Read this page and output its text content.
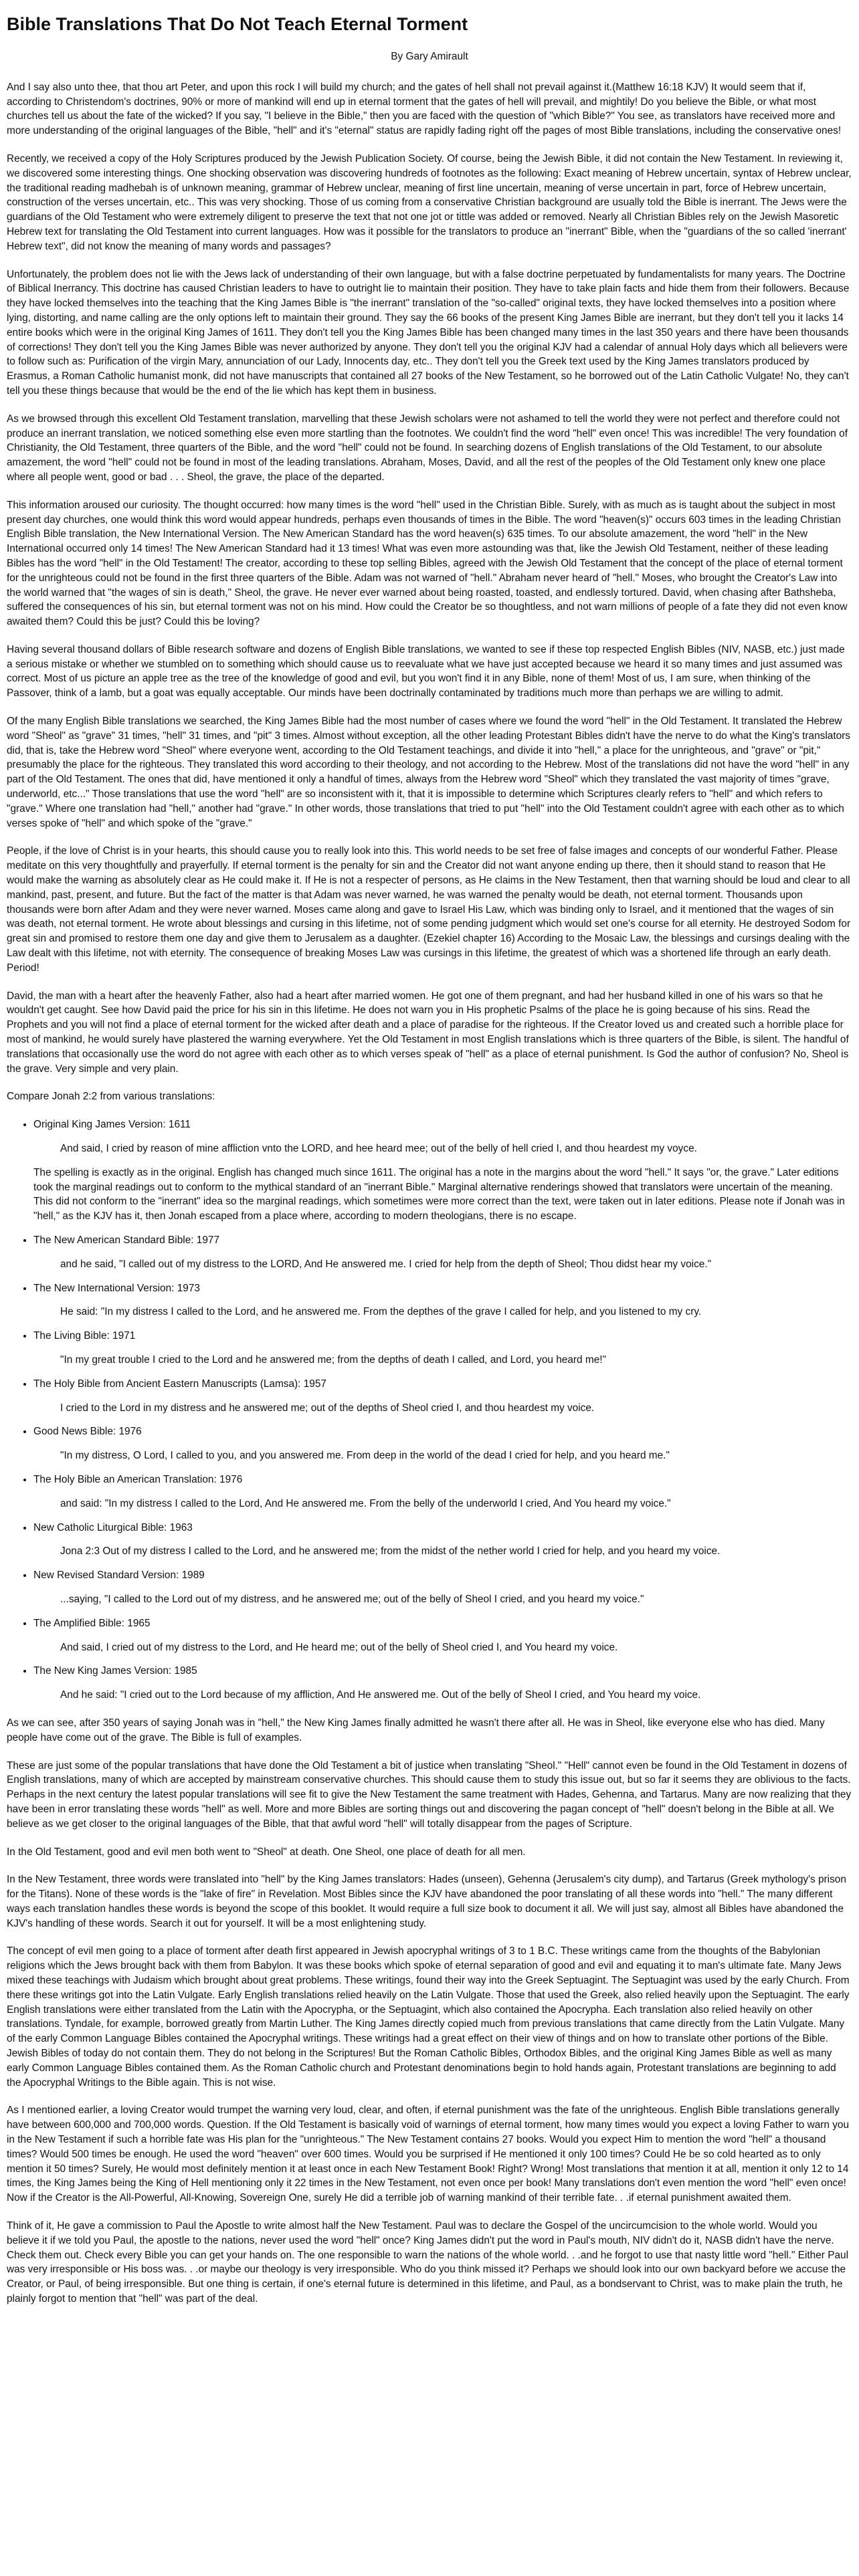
Bible Translations That Do Not Teach Eternal Torment
By Gary Amirault

And I say also unto thee, that thou art Peter, and upon this rock I will build my church; and the gates of hell shall not prevail against it.(Matthew 16:18 KJV) It would seem that if, according to Christendom's doctrines, 90% or more of mankind will end up in eternal torment that the gates of hell will prevail, and mightily! Do you believe the Bible, or what most churches tell us about the fate of the wicked? If you say, "I believe in the Bible," then you are faced with the question of "which Bible?" You see, as translators have received more and more understanding of the original languages of the Bible, "hell" and it's "eternal" status are rapidly fading right off the pages of most Bible translations, including the conservative ones!

Recently, we received a copy of the Holy Scriptures produced by the Jewish Publication Society. Of course, being the Jewish Bible, it did not contain the New Testament. In reviewing it, we discovered some interesting things. One shocking observation was discovering hundreds of footnotes as the following: Exact meaning of Hebrew uncertain, syntax of Hebrew unclear, the traditional reading madhebah is of unknown meaning, grammar of Hebrew unclear, meaning of first line uncertain, meaning of verse uncertain in part, force of Hebrew uncertain, construction of the verses uncertain, etc.. This was very shocking. Those of us coming from a conservative Christian background are usually told the Bible is inerrant. The Jews were the guardians of the Old Testament who were extremely diligent to preserve the text that not one jot or tittle was added or removed. Nearly all Christian Bibles rely on the Jewish Masoretic Hebrew text for translating the Old Testament into current languages. How was it possible for the translators to produce an "inerrant" Bible, when the "guardians of the so called 'inerrant' Hebrew text", did not know the meaning of many words and passages?

Unfortunately, the problem does not lie with the Jews lack of understanding of their own language, but with a false doctrine perpetuated by fundamentalists for many years. The Doctrine of Biblical Inerrancy. This doctrine has caused Christian leaders to have to outright lie to maintain their position. They have to take plain facts and hide them from their followers. Because they have locked themselves into the teaching that the King James Bible is "the inerrant" translation of the "so-called" original texts, they have locked themselves into a position where lying, distorting, and name calling are the only options left to maintain their ground. They say the 66 books of the present King James Bible are inerrant, but they don't tell you it lacks 14 entire books which were in the original King James of 1611. They don't tell you the King James Bible has been changed many times in the last 350 years and there have been thousands of corrections! They don't tell you the King James Bible was never authorized by anyone. They don't tell you the original KJV had a calendar of annual Holy days which all believers were to follow such as: Purification of the virgin Mary, annunciation of our Lady, Innocents day, etc.. They don't tell you the Greek text used by the King James translators produced by Erasmus, a Roman Catholic humanist monk, did not have manuscripts that contained all 27 books of the New Testament, so he borrowed out of the Latin Catholic Vulgate! No, they can't tell you these things because that would be the end of the lie which has kept them in business.

As we browsed through this excellent Old Testament translation, marvelling that these Jewish scholars were not ashamed to tell the world they were not perfect and therefore could not produce an inerrant translation, we noticed something else even more startling than the footnotes. We couldn't find the word "hell" even once! This was incredible! The very foundation of Christianity, the Old Testament, three quarters of the Bible, and the word "hell" could not be found. In searching dozens of English translations of the Old Testament, to our absolute amazement, the word "hell" could not be found in most of the leading translations. Abraham, Moses, David, and all the rest of the peoples of the Old Testament only knew one place where all people went, good or bad . . . Sheol, the grave, the place of the departed.

This information aroused our curiosity. The thought occurred: how many times is the word "hell" used in the Christian Bible. Surely, with as much as is taught about the subject in most present day churches, one would think this word would appear hundreds, perhaps even thousands of times in the Bible. The word "heaven(s)" occurs 603 times in the leading Christian English Bible translation, the New International Version. The New American Standard has the word heaven(s) 635 times. To our absolute amazement, the word "hell" in the New International occurred only 14 times! The New American Standard had it 13 times! What was even more astounding was that, like the Jewish Old Testament, neither of these leading Bibles has the word "hell" in the Old Testament! The creator, according to these top selling Bibles, agreed with the Jewish Old Testament that the concept of the place of eternal torment for the unrighteous could not be found in the first three quarters of the Bible. Adam was not warned of "hell." Abraham never heard of "hell." Moses, who brought the Creator's Law into the world warned that "the wages of sin is death," Sheol, the grave. He never ever warned about being roasted, toasted, and endlessly tortured. David, when chasing after Bathsheba, suffered the consequences of his sin, but eternal torment was not on his mind. How could the Creator be so thoughtless, and not warn millions of people of a fate they did not even know awaited them? Could this be just? Could this be loving?

Having several thousand dollars of Bible research software and dozens of English Bible translations, we wanted to see if these top respected English Bibles (NIV, NASB, etc.) just made a serious mistake or whether we stumbled on to something which should cause us to reevaluate what we have just accepted because we heard it so many times and just assumed was correct. Most of us picture an apple tree as the tree of the knowledge of good and evil, but you won't find it in any Bible, none of them! Most of us, I am sure, when thinking of the Passover, think of a lamb, but a goat was equally acceptable. Our minds have been doctrinally contaminated by traditions much more than perhaps we are willing to admit.

Of the many English Bible translations we searched, the King James Bible had the most number of cases where we found the word "hell" in the Old Testament. It translated the Hebrew word "Sheol" as "grave" 31 times, "hell" 31 times, and "pit" 3 times. Almost without exception, all the other leading Protestant Bibles didn't have the nerve to do what the King's translators did, that is, take the Hebrew word "Sheol" where everyone went, according to the Old Testament teachings, and divide it into "hell," a place for the unrighteous, and "grave" or "pit," presumably the place for the righteous. They translated this word according to their theology, and not according to the Hebrew. Most of the translations did not have the word "hell" in any part of the Old Testament. The ones that did, have mentioned it only a handful of times, always from the Hebrew word "Sheol" which they translated the vast majority of times "grave, underworld, etc..." Those translations that use the word "hell" are so inconsistent with it, that it is impossible to determine which Scriptures clearly refers to "hell" and which refers to "grave." Where one translation had "hell," another had "grave." In other words, those translations that tried to put "hell" into the Old Testament couldn't agree with each other as to which verses spoke of "hell" and which spoke of the "grave."

People, if the love of Christ is in your hearts, this should cause you to really look into this. This world needs to be set free of false images and concepts of our wonderful Father. Please meditate on this very thoughtfully and prayerfully. If eternal torment is the penalty for sin and the Creator did not want anyone ending up there, then it should stand to reason that He would make the warning as absolutely clear as He could make it. If He is not a respecter of persons, as He claims in the New Testament, then that warning should be loud and clear to all mankind, past, present, and future. But the fact of the matter is that Adam was never warned, he was warned the penalty would be death, not eternal torment. Thousands upon thousands were born after Adam and they were never warned. Moses came along and gave to Israel His Law, which was binding only to Israel, and it mentioned that the wages of sin was death, not eternal torment. He wrote about blessings and cursing in this lifetime, not of some pending judgment which would set one's course for all eternity. He destroyed Sodom for great sin and promised to restore them one day and give them to Jerusalem as a daughter. (Ezekiel chapter 16) According to the Mosaic Law, the blessings and cursings dealing with the Law dealt with this lifetime, not with eternity. The consequence of breaking Moses Law was cursings in this lifetime, the greatest of which was a shortened life through an early death. Period!

David, the man with a heart after the heavenly Father, also had a heart after married women. He got one of them pregnant, and had her husband killed in one of his wars so that he wouldn't get caught. See how David paid the price for his sin in this lifetime. He does not warn you in His prophetic Psalms of the place he is going because of his sins. Read the Prophets and you will not find a place of eternal torment for the wicked after death and a place of paradise for the righteous. If the Creator loved us and created such a horrible place for most of mankind, he would surely have plastered the warning everywhere. Yet the Old Testament in most English translations which is three quarters of the Bible, is silent. The handful of translations that occasionally use the word do not agree with each other as to which verses speak of "hell" as a place of eternal punishment. Is God the author of confusion? No, Sheol is the grave. Very simple and very plain.

Compare Jonah 2:2 from various translations:

• Original King James Version: 1611
And said, I cried by reason of mine affliction vnto the LORD, and hee heard mee; out of the belly of hell cried I, and thou heardest my voyce.
The spelling is exactly as in the original. English has changed much since 1611. The original has a note in the margins about the word "hell." It says "or, the grave." Later editions took the marginal readings out to conform to the mythical standard of an "inerrant Bible." Marginal alternative renderings showed that translators were uncertain of the meaning. This did not conform to the "inerrant" idea so the marginal readings, which sometimes were more correct than the text, were taken out in later editions. Please note if Jonah was in "hell," as the KJV has it, then Jonah escaped from a place where, according to modern theologians, there is no escape.
• The New American Standard Bible: 1977
and he said, "I called out of my distress to the LORD, And He answered me. I cried for help from the depth of Sheol; Thou didst hear my voice."
• The New International Version: 1973
He said: "In my distress I called to the Lord, and he answered me. From the depthes of the grave I called for help, and you listened to my cry.
• The Living Bible: 1971
"In my great trouble I cried to the Lord and he answered me; from the depths of death I called, and Lord, you heard me!"
• The Holy Bible from Ancient Eastern Manuscripts (Lamsa): 1957
I cried to the Lord in my distress and he answered me; out of the depths of Sheol cried I, and thou heardest my voice.
• Good News Bible: 1976
"In my distress, O Lord, I called to you, and you answered me. From deep in the world of the dead I cried for help, and you heard me."
• The Holy Bible an American Translation: 1976
and said: "In my distress I called to the Lord, And He answered me. From the belly of the underworld I cried, And You heard my voice."
• New Catholic Liturgical Bible: 1963
Jona 2:3 Out of my distress I called to the Lord, and he answered me; from the midst of the nether world I cried for help, and you heard my voice.
• New Revised Standard Version: 1989
...saying, "I called to the Lord out of my distress, and he answered me; out of the belly of Sheol I cried, and you heard my voice."
• The Amplified Bible: 1965
And said, I cried out of my distress to the Lord, and He heard me; out of the belly of Sheol cried I, and You heard my voice.
• The New King James Version: 1985
And he said: "I cried out to the Lord because of my affliction, And He answered me. Out of the belly of Sheol I cried, and You heard my voice.

As we can see, after 350 years of saying Jonah was in "hell," the New King James finally admitted he wasn't there after all. He was in Sheol, like everyone else who has died. Many people have come out of the grave. The Bible is full of examples.

These are just some of the popular translations that have done the Old Testament a bit of justice when translating "Sheol." "Hell" cannot even be found in the Old Testament in dozens of English translations, many of which are accepted by mainstream conservative churches. This should cause them to study this issue out, but so far it seems they are oblivious to the facts. Perhaps in the next century the latest popular translations will see fit to give the New Testament the same treatment with Hades, Gehenna, and Tartarus. Many are now realizing that they have been in error translating these words "hell" as well. More and more Bibles are sorting things out and discovering the pagan concept of "hell" doesn't belong in the Bible at all. We believe as we get closer to the original languages of the Bible, that that awful word "hell" will totally disappear from the pages of Scripture.

In the Old Testament, good and evil men both went to "Sheol" at death. One Sheol, one place of death for all men.

In the New Testament, three words were translated into "hell" by the King James translators: Hades (unseen), Gehenna (Jerusalem's city dump), and Tartarus (Greek mythology's prison for the Titans). None of these words is the "lake of fire" in Revelation. Most Bibles since the KJV have abandoned the poor translating of all these words into "hell." The many different ways each translation handles these words is beyond the scope of this booklet. It would require a full size book to document it all. We will just say, almost all Bibles have abandoned the KJV's handling of these words. Search it out for yourself. It will be a most enlightening study.

The concept of evil men going to a place of torment after death first appeared in Jewish apocryphal writings of 3 to 1 B.C. These writings came from the thoughts of the Babylonian religions which the Jews brought back with them from Babylon. It was these books which spoke of eternal separation of good and evil and equating it to man's ultimate fate. Many Jews mixed these teachings with Judaism which brought about great problems. These writings, found their way into the Greek Septuagint. The Septuagint was used by the early Church. From there these writings got into the Latin Vulgate. Early English translations relied heavily on the Latin Vulgate. Those that used the Greek, also relied heavily upon the Septuagint. The early English translations were either translated from the Latin with the Apocrypha, or the Septuagint, which also contained the Apocrypha. Each translation also relied heavily on other translations. Tyndale, for example, borrowed greatly from Martin Luther. The King James directly copied much from previous translations that came directly from the Latin Vulgate. Many of the early Common Language Bibles contained the Apocryphal writings. These writings had a great effect on their view of things and on how to translate other portions of the Bible. Jewish Bibles of today do not contain them. They do not belong in the Scriptures! But the Roman Catholic Bibles, Orthodox Bibles, and the original King James Bible as well as many early Common Language Bibles contained them. As the Roman Catholic church and Protestant denominations begin to hold hands again, Protestant translations are beginning to add the Apocryphal Writings to the Bible again. This is not wise.

As I mentioned earlier, a loving Creator would trumpet the warning very loud, clear, and often, if eternal punishment was the fate of the unrighteous. English Bible translations generally have between 600,000 and 700,000 words. Question. If the Old Testament is basically void of warnings of eternal torment, how many times would you expect a loving Father to warn you in the New Testament if such a horrible fate was His plan for the "unrighteous." The New Testament contains 27 books. Would you expect Him to mention the word "hell" a thousand times? Would 500 times be enough. He used the word "heaven" over 600 times. Would you be surprised if He mentioned it only 100 times? Could He be so cold hearted as to only mention it 50 times? Surely, He would most definitely mention it at least once in each New Testament Book! Right? Wrong! Most translations that mention it at all, mention it only 12 to 14 times, the King James being the King of Hell mentioning only it 22 times in the New Testament, not even once per book! Many translations don't even mention the word "hell" even once! Now if the Creator is the All-Powerful, All-Knowing, Sovereign One, surely He did a terrible job of warning mankind of their terrible fate. . .if eternal punishment awaited them.

Think of it, He gave a commission to Paul the Apostle to write almost half the New Testament. Paul was to declare the Gospel of the uncircumcision to the whole world. Would you believe it if we told you Paul, the apostle to the nations, never used the word "hell" once? King James didn't put the word in Paul's mouth, NIV didn't do it, NASB didn't have the nerve. Check them out. Check every Bible you can get your hands on. The one responsible to warn the nations of the whole world. . .and he forgot to use that nasty little word "hell." Either Paul was very irresponsible or His boss was. . .or maybe our theology is very irresponsible. Who do you think missed it? Perhaps we should look into our own backyard before we accuse the Creator, or Paul, of being irresponsible. But one thing is certain, if one's eternal future is determined in this lifetime, and Paul, as a bondservant to Christ, was to make plain the truth, he plainly forgot to mention that "hell" was part of the deal.
